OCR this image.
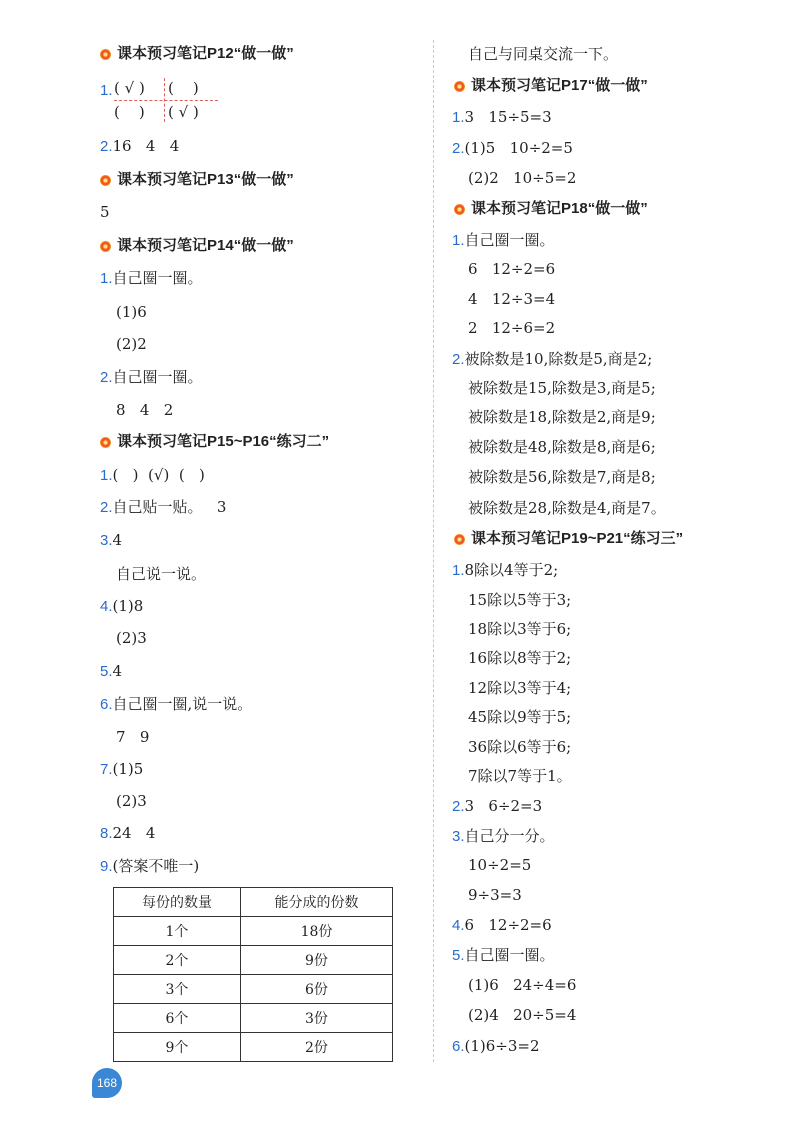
课本预习笔记P12“做一做”
1. ( √ )	(    )
(    )	( √ )
2.16   4   4
课本预习笔记P13“做一做”
5
课本预习笔记P14“做一做”
1.自己圈一圈。
(1)6
(2)2
2.自己圈一圈。
8   4   2
课本预习笔记P15~P16“练习二”
1.(   )  (√)  (   )
2.自己贴一贴。   3
3.4
自己说一说。
4.(1)8
(2)3
5.4
6.自己圈一圈,说一说。
7   9
7.(1)5
(2)3
8.24   4
9.(答案不唯一)
每份的数量	能分成的份数
1个	18份
2个	9份
3个	6份
6个	3份
9个	2份
168
自己与同桌交流一下。
课本预习笔记P17“做一做”
1.3   15÷5=3
2.(1)5   10÷2=5
(2)2   10÷5=2
课本预习笔记P18“做一做”
1.自己圈一圈。
6   12÷2=6
4   12÷3=4
2   12÷6=2
2.被除数是10,除数是5,商是2;
被除数是15,除数是3,商是5;
被除数是18,除数是2,商是9;
被除数是48,除数是8,商是6;
被除数是56,除数是7,商是8;
被除数是28,除数是4,商是7。
课本预习笔记P19~P21“练习三”
1.8除以4等于2;
15除以5等于3;
18除以3等于6;
16除以8等于2;
12除以3等于4;
45除以9等于5;
36除以6等于6;
7除以7等于1。
2.3   6÷2=3
3.自己分一分。
10÷2=5
9÷3=3
4.6   12÷2=6
5.自己圈一圈。
(1)6   24÷4=6
(2)4   20÷5=4
6.(1)6÷3=2
